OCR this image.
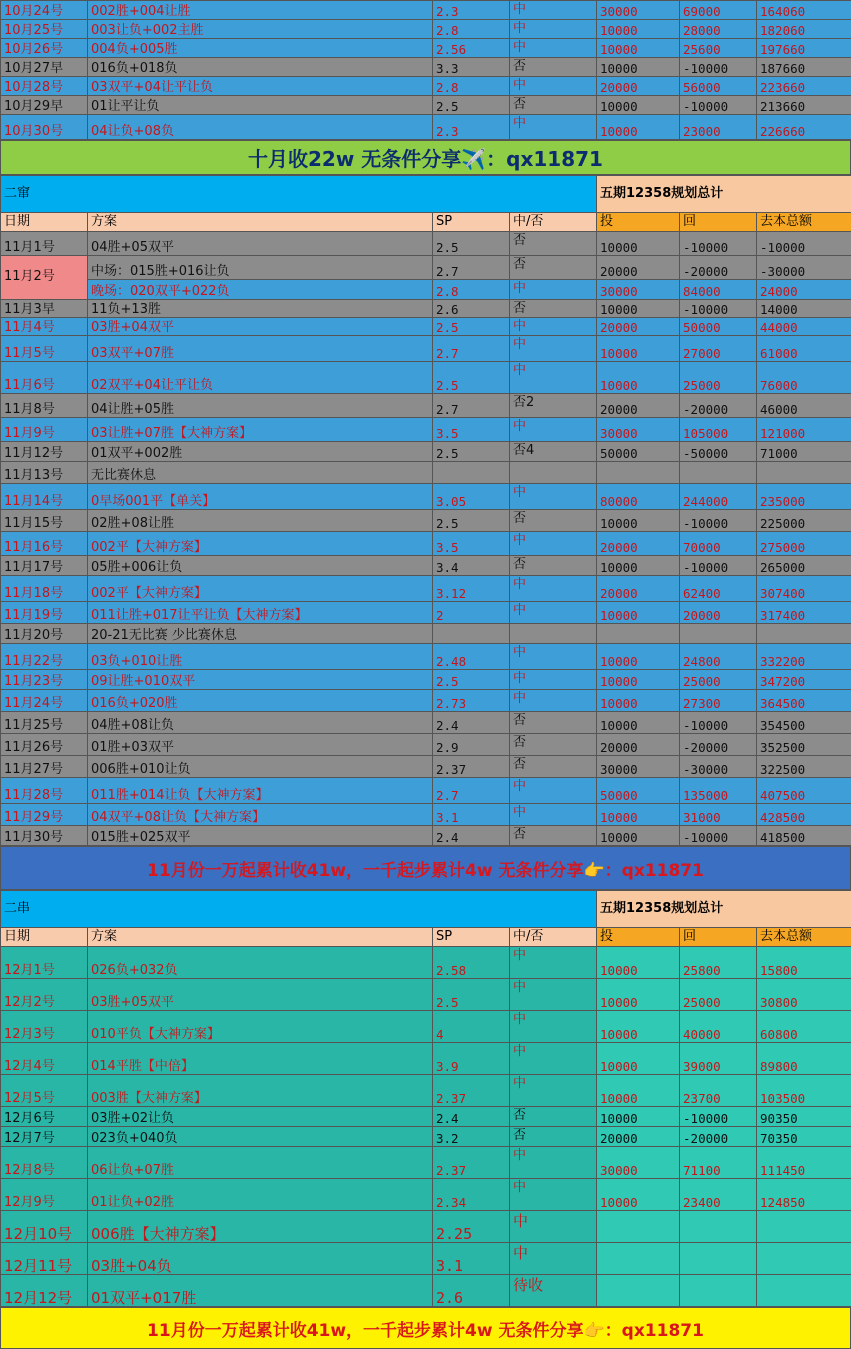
10月24号	002胜+004让胜	2.3	中	30000	69000	164060
10月25号	003让负+002主胜	2.8	中	10000	28000	182060
10月26号	004负+005胜	2.56	中	10000	25600	197660
10月27早	016负+018负	3.3	否	10000	-10000	187660
10月28号	03双平+04让平让负	2.8	中	20000	56000	223660
10月29早	01让平让负	2.5	否	10000	-10000	213660
10月30号	04让负+08负	2.3	中	10000	23000	226660
十月收22w 无条件分享✈️：qx11871
二窜				五期12358规划总计		
日期	方案	SP	中/否	投	回	去本总额
11月1号	04胜+05双平	2.5	否	10000	-10000	-10000
11月2号	中场：015胜+016让负	2.7	否	20000	-20000	-30000
	晚场：020双平+022负	2.8	中	30000	84000	24000
11月3早	11负+13胜	2.6	否	10000	-10000	14000
11月4号	03胜+04双平	2.5	中	20000	50000	44000
11月5号	03双平+07胜	2.7	中	10000	27000	61000
11月6号	02双平+04让平让负	2.5	中	10000	25000	76000
11月8号	04让胜+05胜	2.7	否2	20000	-20000	46000
11月9号	03让胜+07胜【大神方案】	3.5	中	30000	105000	121000
11月12号	01双平+002胜	2.5	否4	50000	-50000	71000
11月13号	无比赛休息					
11月14号	0早场001平【单关】	3.05	中	80000	244000	235000
11月15号	02胜+08让胜	2.5	否	10000	-10000	225000
11月16号	002平【大神方案】	3.5	中	20000	70000	275000
11月17号	05胜+006让负	3.4	否	10000	-10000	265000
11月18号	002平【大神方案】	3.12	中	20000	62400	307400
11月19号	011让胜+017让平让负【大神方案】	2	中	10000	20000	317400
11月20号	20-21无比赛 少比赛休息					
11月22号	03负+010让胜	2.48	中	10000	24800	332200
11月23号	09让胜+010双平	2.5	中	10000	25000	347200
11月24号	016负+020胜	2.73	中	10000	27300	364500
11月25号	04胜+08让负	2.4	否	10000	-10000	354500
11月26号	01胜+03双平	2.9	否	20000	-20000	352500
11月27号	006胜+010让负	2.37	否	30000	-30000	322500
11月28号	011胜+014让负【大神方案】	2.7	中	50000	135000	407500
11月29号	04双平+08让负【大神方案】	3.1	中	10000	31000	428500
11月30号	015胜+025双平	2.4	否	10000	-10000	418500
11月份一万起累计收41w，一千起步累计4w 无条件分享👉：qx11871
二串				五期12358规划总计		
日期	方案	SP	中/否	投	回	去本总额
12月1号	026负+032负	2.58	中	10000	25800	15800
12月2号	03胜+05双平	2.5	中	10000	25000	30800
12月3号	010平负【大神方案】	4	中	10000	40000	60800
12月4号	014平胜【中倍】	3.9	中	10000	39000	89800
12月5号	003胜【大神方案】	2.37	中	10000	23700	103500
12月6号	03胜+02让负	2.4	否	10000	-10000	90350
12月7号	023负+040负	3.2	否	20000	-20000	70350
12月8号	06让负+07胜	2.37	中	30000	71100	111450
12月9号	01让负+02胜	2.34	中	10000	23400	124850
12月10号	006胜【大神方案】	2.25	中			
12月11号	03胜+04负	3.1	中			
12月12号	01双平+017胜	2.6	待收			
11月份一万起累计收41w，一千起步累计4w 无条件分享👉：qx11871
